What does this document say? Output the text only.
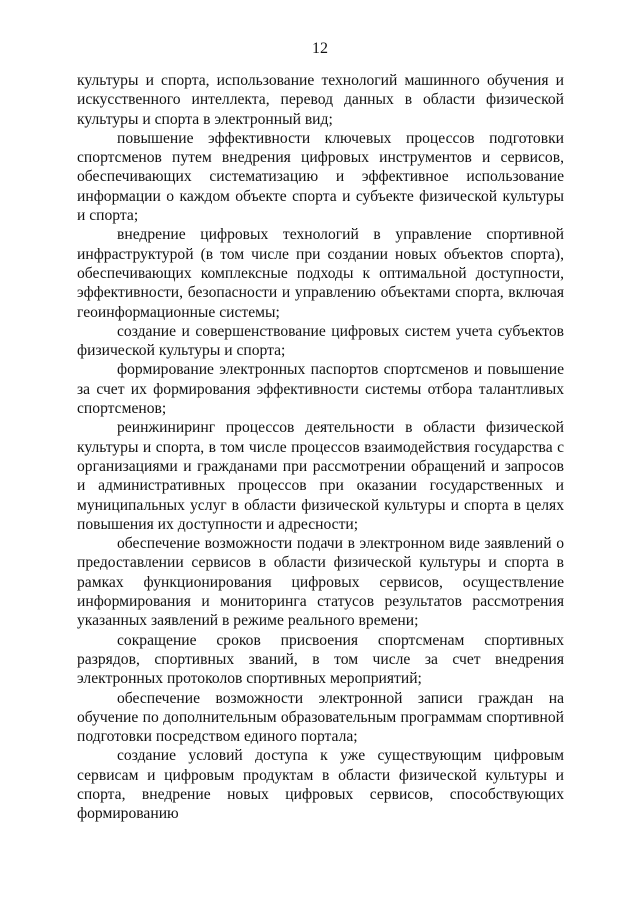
12

культуры и спорта, использование технологий машинного обучения и искусственного интеллекта, перевод данных в области физической культуры и спорта в электронный вид;

повышение эффективности ключевых процессов подготовки спортсменов путем внедрения цифровых инструментов и сервисов, обеспечивающих систематизацию и эффективное использование информации о каждом объекте спорта и субъекте физической культуры и спорта;

внедрение цифровых технологий в управление спортивной инфраструктурой (в том числе при создании новых объектов спорта), обеспечивающих комплексные подходы к оптимальной доступности, эффективности, безопасности и управлению объектами спорта, включая геоинформационные системы;

создание и совершенствование цифровых систем учета субъектов физической культуры и спорта;

формирование электронных паспортов спортсменов и повышение за счет их формирования эффективности системы отбора талантливых спортсменов;

реинжиниринг процессов деятельности в области физической культуры и спорта, в том числе процессов взаимодействия государства с организациями и гражданами при рассмотрении обращений и запросов и административных процессов при оказании государственных и муниципальных услуг в области физической культуры и спорта в целях повышения их доступности и адресности;

обеспечение возможности подачи в электронном виде заявлений о предоставлении сервисов в области физической культуры и спорта в рамках функционирования цифровых сервисов, осуществление информирования и мониторинга статусов результатов рассмотрения указанных заявлений в режиме реального времени;

сокращение сроков присвоения спортсменам спортивных разрядов, спортивных званий, в том числе за счет внедрения электронных протоколов спортивных мероприятий;

обеспечение возможности электронной записи граждан на обучение по дополнительным образовательным программам спортивной подготовки посредством единого портала;

создание условий доступа к уже существующим цифровым сервисам и цифровым продуктам в области физической культуры и спорта, внедрение новых цифровых сервисов, способствующих формированию
